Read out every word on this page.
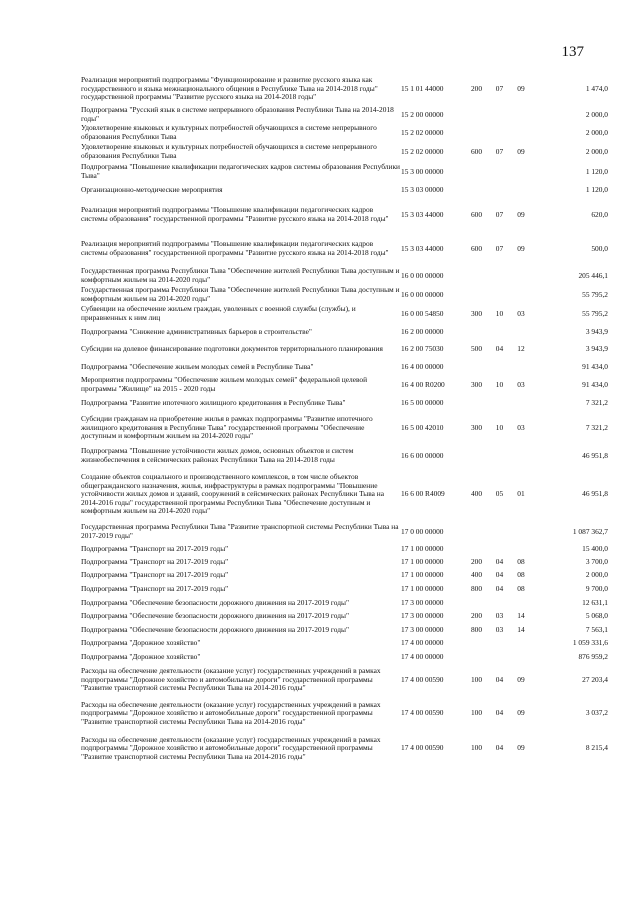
137
Реализация мероприятий подпрограммы "Функционирование и развитие русского языка как государственного и языка межнационального общения в Республике Тыва на 2014-2018 годы" государственной программы "Развитие русского языка на 2014-2018 годы"	15 1 01 44000	200	07	09	1 474,0
Подпрограмма "Русский язык в системе непрерывного образования Республики Тыва на 2014-2018 годы"	15 2 00 00000				2 000,0
Удовлетворение языковых и культурных потребностей обучающихся в системе непрерывного образования Республики Тыва	15 2 02 00000				2 000,0
Удовлетворение языковых и культурных потребностей обучающихся в системе непрерывного образования Республики Тыва	15 2 02 00000	600	07	09	2 000,0
Подпрограмма "Повышение квалификации педагогических кадров системы образования Республики Тыва"	15 3 00 00000				1 120,0
Организационно-методические мероприятия	15 3 03 00000				1 120,0
Реализация мероприятий подпрограммы "Повышение квалификации педагогических кадров системы образования" государственной программы "Развитие русского языка на 2014-2018 годы"	15 3 03 44000	600	07	09	620,0
Реализация мероприятий подпрограммы "Повышение квалификации педагогических кадров системы образования" государственной программы "Развитие русского языка на 2014-2018 годы"	15 3 03 44000	600	07	09	500,0
Государственная программа Республики Тыва "Обеспечение жителей Республики Тыва доступным и комфортным жильем на 2014-2020 годы"	16 0 00 00000				205 446,1
Государственная программа Республики Тыва "Обеспечение жителей Республики Тыва доступным и комфортным жильем на 2014-2020 годы"	16 0 00 00000				55 795,2
Субвенции на обеспечение жильем граждан, уволенных с военной службы (службы), и приравненных к ним лиц	16 0 00 54850	300	10	03	55 795,2
Подпрограмма "Снижение административных барьеров в строительстве"	16 2 00 00000				3 943,9
Субсидии на долевое финансирование подготовки документов территориального планирования	16 2 00 75030	500	04	12	3 943,9
Подпрограмма "Обеспечение жильем молодых семей в Республике Тыва"	16 4 00 00000				91 434,0
Мероприятия подпрограммы "Обеспечение жильем молодых семей" федеральной целевой программы "Жилище" на 2015 - 2020 годы	16 4 00 R0200	300	10	03	91 434,0
Подпрограмма "Развитие ипотечного жилищного кредитования в Республике Тыва"	16 5 00 00000				7 321,2
Субсидии гражданам на приобретение жилья в рамках подпрограммы "Развитие ипотечного жилищного кредитования в Республике Тыва" государственной программы "Обеспечение доступным и комфортным жильем на 2014-2020 годы"	16 5 00 42010	300	10	03	7 321,2
Подпрограмма "Повышение устойчивости жилых домов, основных объектов и систем жизнеобеспечения в сейсмических районах Республики Тыва на 2014-2018 годы	16 6 00 00000				46 951,8
Создание объектов социального и производственного комплексов, в том числе объектов общегражданского назначения, жилья, инфраструктуры в рамках подпрограммы "Повышение устойчивости жилых домов и зданий, сооружений в сейсмических районах Республики Тыва на 2014-2016 годы" государственной программы Республики Тыва "Обеспечение доступным и комфортным жильем на 2014-2020 годы"	16 6 00 R4009	400	05	01	46 951,8
Государственная программа Республики Тыва "Развитие транспортной системы Республики Тыва на 2017-2019 годы"	17 0 00 00000				1 087 362,7
Подпрограмма "Транспорт на 2017-2019 годы"	17 1 00 00000				15 400,0
Подпрограмма "Транспорт на 2017-2019 годы"	17 1 00 00000	200	04	08	3 700,0
Подпрограмма "Транспорт на 2017-2019 годы"	17 1 00 00000	400	04	08	2 000,0
Подпрограмма "Транспорт на 2017-2019 годы"	17 1 00 00000	800	04	08	9 700,0
Подпрограмма "Обеспечение безопасности дорожного движения на 2017-2019 годы"	17 3 00 00000				12 631,1
Подпрограмма "Обеспечение безопасности дорожного движения на 2017-2019 годы"	17 3 00 00000	200	03	14	5 068,0
Подпрограмма "Обеспечение безопасности дорожного движения на 2017-2019 годы"	17 3 00 00000	800	03	14	7 563,1
Подпрограмма "Дорожное хозяйство"	17 4 00 00000				1 059 331,6
Подпрограмма "Дорожное хозяйство"	17 4 00 00000				876 959,2
Расходы на обеспечение деятельности (оказание услуг) государственных учреждений в рамках подпрограммы "Дорожное хозяйство и автомобильные дороги" государственной программы "Развитие транспортной системы Республики Тыва на 2014-2016 годы"	17 4 00 00590	100	04	09	27 203,4
Расходы на обеспечение деятельности (оказание услуг) государственных учреждений в рамках подпрограммы "Дорожное хозяйство и автомобильные дороги" государственной программы "Развитие транспортной системы Республики Тыва на 2014-2016 годы"	17 4 00 00590	100	04	09	3 037,2
Расходы на обеспечение деятельности (оказание услуг) государственных учреждений в рамках подпрограммы "Дорожное хозяйство и автомобильные дороги" государственной программы "Развитие транспортной системы Республики Тыва на 2014-2016 годы"	17 4 00 00590	100	04	09	8 215,4
